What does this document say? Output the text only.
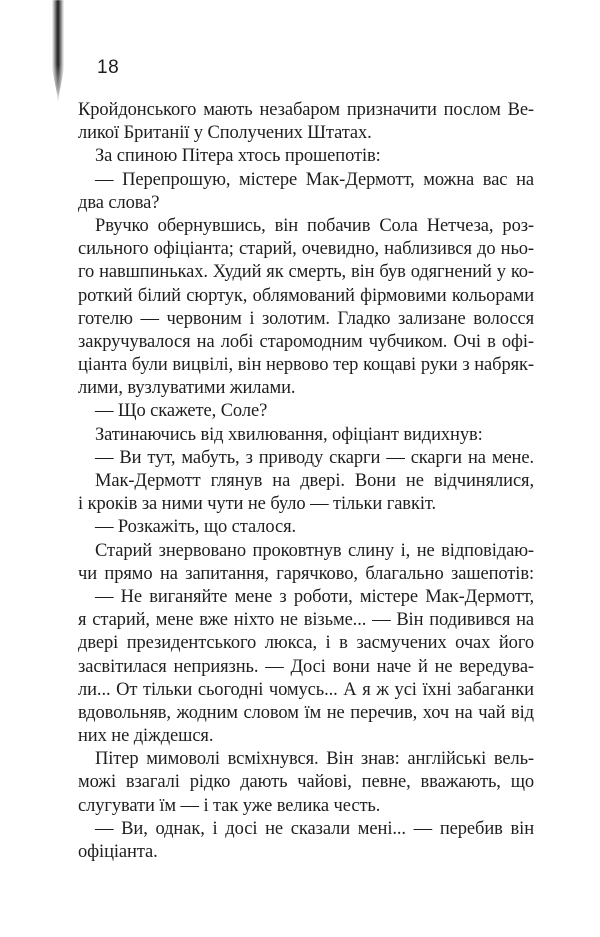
18
Кройдонського мають незабаром призначити послом Ве-
ликої Британії у Сполучених Штатах.
За спиною Пітера хтось прошепотів:
— Перепрошую, містере Мак-Дермотт, можна вас на
два слова?
Рвучко обернувшись, він побачив Сола Нетчеза, роз-
сильного офіціанта; старий, очевидно, наблизився до ньо-
го навшпиньках. Худий як смерть, він був одягнений у ко-
роткий білий сюртук, облямований фірмовими кольорами
готелю — червоним і золотим. Гладко зализане волосся
закручувалося на лобі старомодним чубчиком. Очі в офі-
ціанта були вицвілі, він нервово тер кощаві руки з набряк-
лими, вузлуватими жилами.
— Що скажете, Соле?
Затинаючись від хвилювання, офіціант видихнув:
— Ви тут, мабуть, з приводу скарги — скарги на мене.
Мак-Дермотт глянув на двері. Вони не відчинялися,
і кроків за ними чути не було — тільки гавкіт.
— Розкажіть, що сталося.
Старий знервовано проковтнув слину і, не відповідаю-
чи прямо на запитання, гарячково, благально зашепотів:
— Не виганяйте мене з роботи, містере Мак-Дермотт,
я старий, мене вже ніхто не візьме... — Він подивився на
двері президентського люкса, і в засмучених очах його
засвітилася неприязнь. — Досі вони наче й не вередува-
ли... От тільки сьогодні чомусь... А я ж усі їхні забаганки
вдовольняв, жодним словом їм не перечив, хоч на чай від
них не діждешся.
Пітер мимоволі всміхнувся. Він знав: англійські вель-
можі взагалі рідко дають чайові, певне, вважають, що
слугувати їм — і так уже велика честь.
— Ви, однак, і досі не сказали мені... — перебив він
офіціанта.
